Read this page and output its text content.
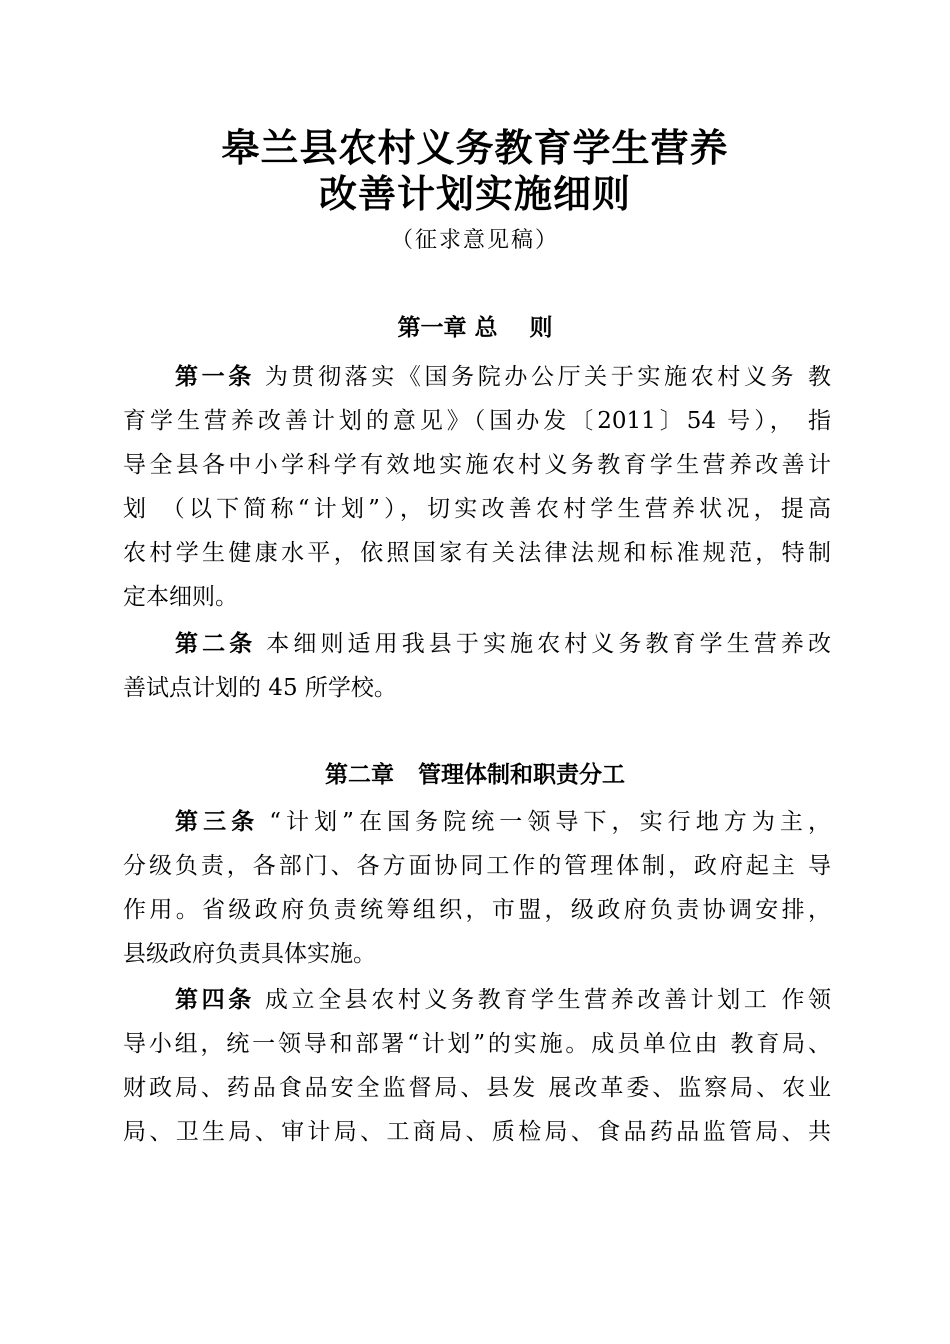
皋兰县农村义务教育学生营养
改善计划实施细则
（征求意见稿）
第一章 总    则
第一条 为贯彻落实《国务院办公厅关于实施农村义务 教
育学生营养改善计划的意见》（国办发〔2011〕54 号）， 指
导全县各中小学科学有效地实施农村义务教育学生营养改善计
划 （以下简称“计划”），切实改善农村学生营养状况，提高
农村学生健康水平，依照国家有关法律法规和标准规范，特制
定本细则。
第二条 本细则适用我县于实施农村义务教育学生营养改
善试点计划的 45 所学校。
第二章   管理体制和职责分工
第三条 “计划”在国务院统一领导下，实行地方为主，
分级负责，各部门、各方面协同工作的管理体制，政府起主 导
作用。省级政府负责统筹组织，市盟，级政府负责协调安排，
县级政府负责具体实施。
第四条 成立全县农村义务教育学生营养改善计划工 作领
导小组，统一领导和部署“计划”的实施。成员单位由 教育局、
财政局、药品食品安全监督局、县发 展改革委、监察局、农业
局、卫生局、审计局、工商局、质检局、食品药品监管局、共
